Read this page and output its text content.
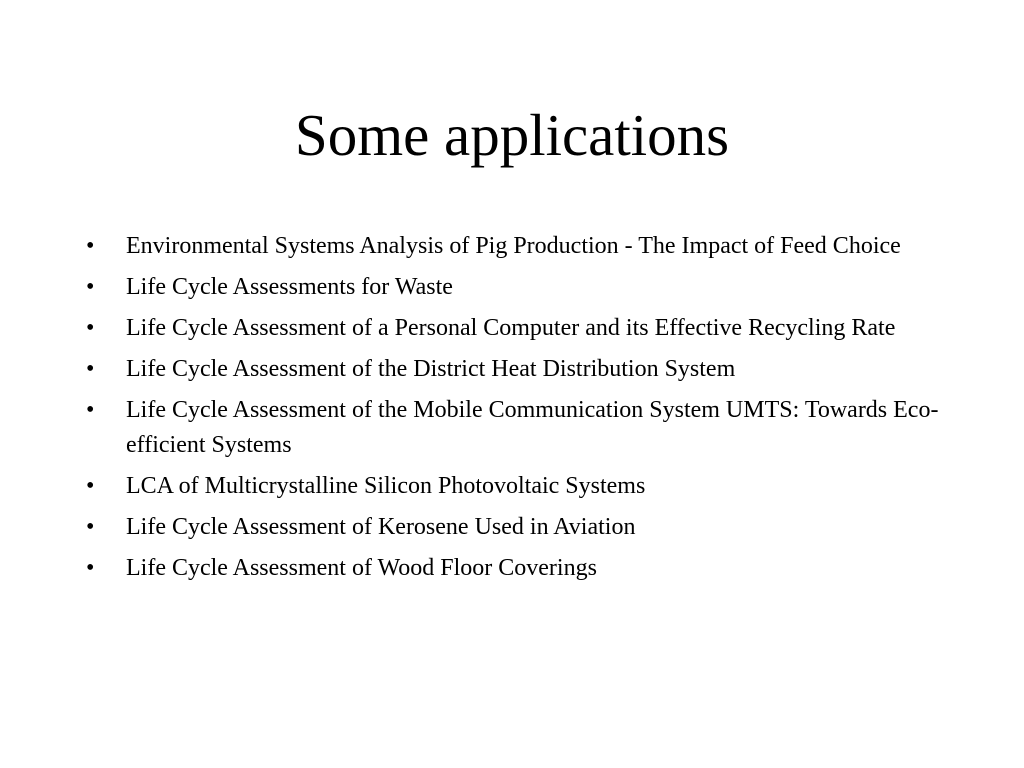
Some applications
•	Environmental Systems Analysis of Pig Production - The Impact of Feed Choice
•	Life Cycle Assessments for Waste
•	Life Cycle Assessment of a Personal Computer and its Effective Recycling Rate
•	Life Cycle Assessment of the District Heat Distribution System
•	Life Cycle Assessment of the Mobile Communication System UMTS: Towards Eco-efficient Systems
•	LCA of Multicrystalline Silicon Photovoltaic Systems
•	Life Cycle Assessment of Kerosene Used in Aviation
•	Life Cycle Assessment of Wood Floor Coverings
